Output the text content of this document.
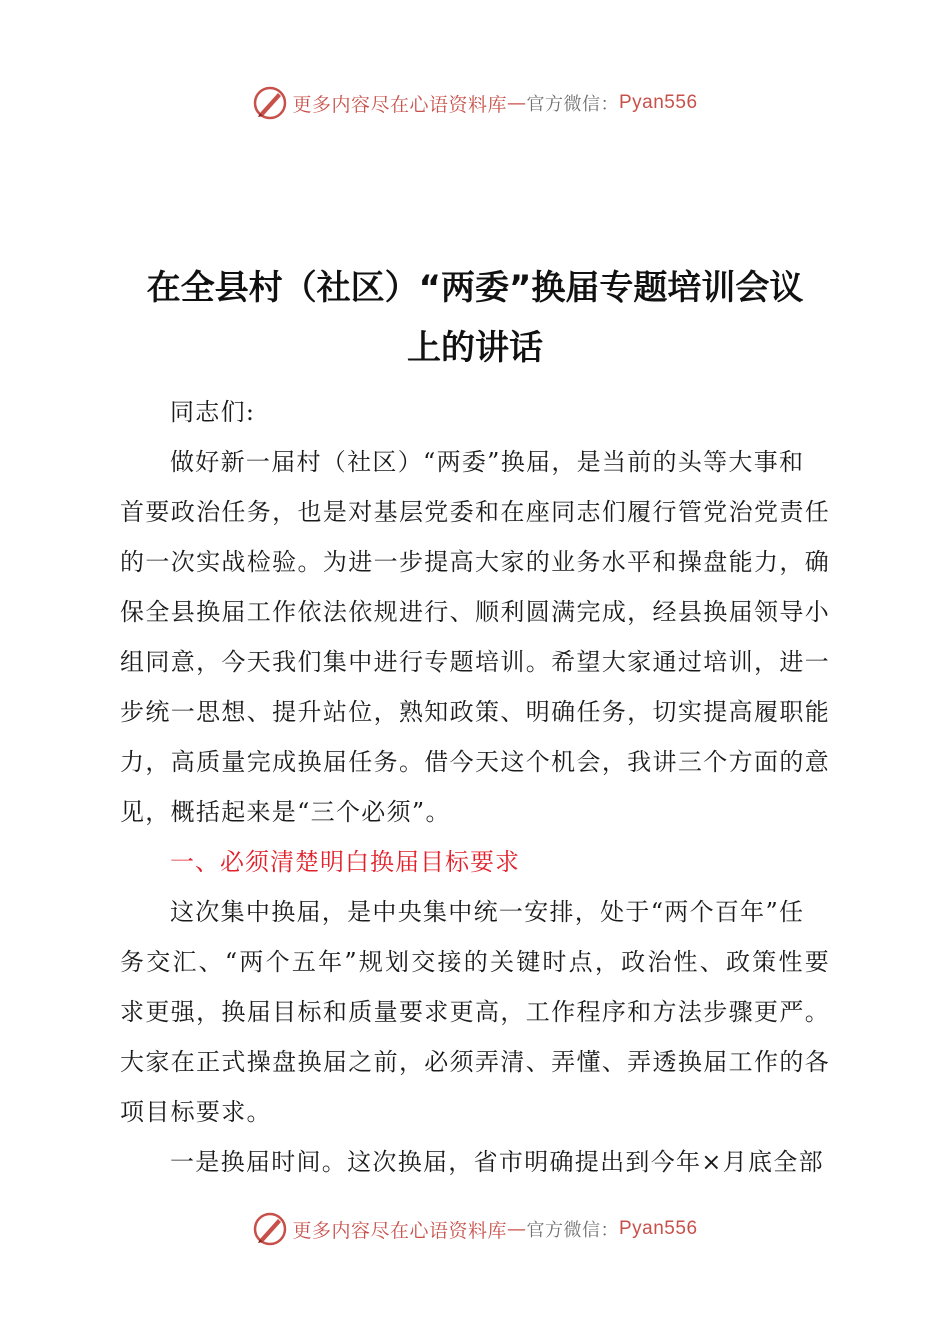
更多内容尽在心语资料库 — 官方微信： Pyan556
在全县村（社区）“两委”换届专题培训会议
上的讲话
同志们:
做好新一届村（社区）“两委”换届，是当前的头等大事和
首要政治任务，也是对基层党委和在座同志们履行管党治党责任
的一次实战检验。为进一步提高大家的业务水平和操盘能力，确
保全县换届工作依法依规进行、顺利圆满完成，经县换届领导小
组同意，今天我们集中进行专题培训。希望大家通过培训，进一
步统一思想、提升站位，熟知政策、明确任务，切实提高履职能
力，高质量完成换届任务。借今天这个机会，我讲三个方面的意
见，概括起来是“三个必须”。
一、必须清楚明白换届目标要求
这次集中换届，是中央集中统一安排，处于“两个百年”任
务交汇、“两个五年”规划交接的关键时点，政治性、政策性要
求更强，换届目标和质量要求更高，工作程序和方法步骤更严。
大家在正式操盘换届之前，必须弄清、弄懂、弄透换届工作的各
项目标要求。
一是换届时间。这次换届，省市明确提出到今年×月底全部
更多内容尽在心语资料库 — 官方微信： Pyan556
